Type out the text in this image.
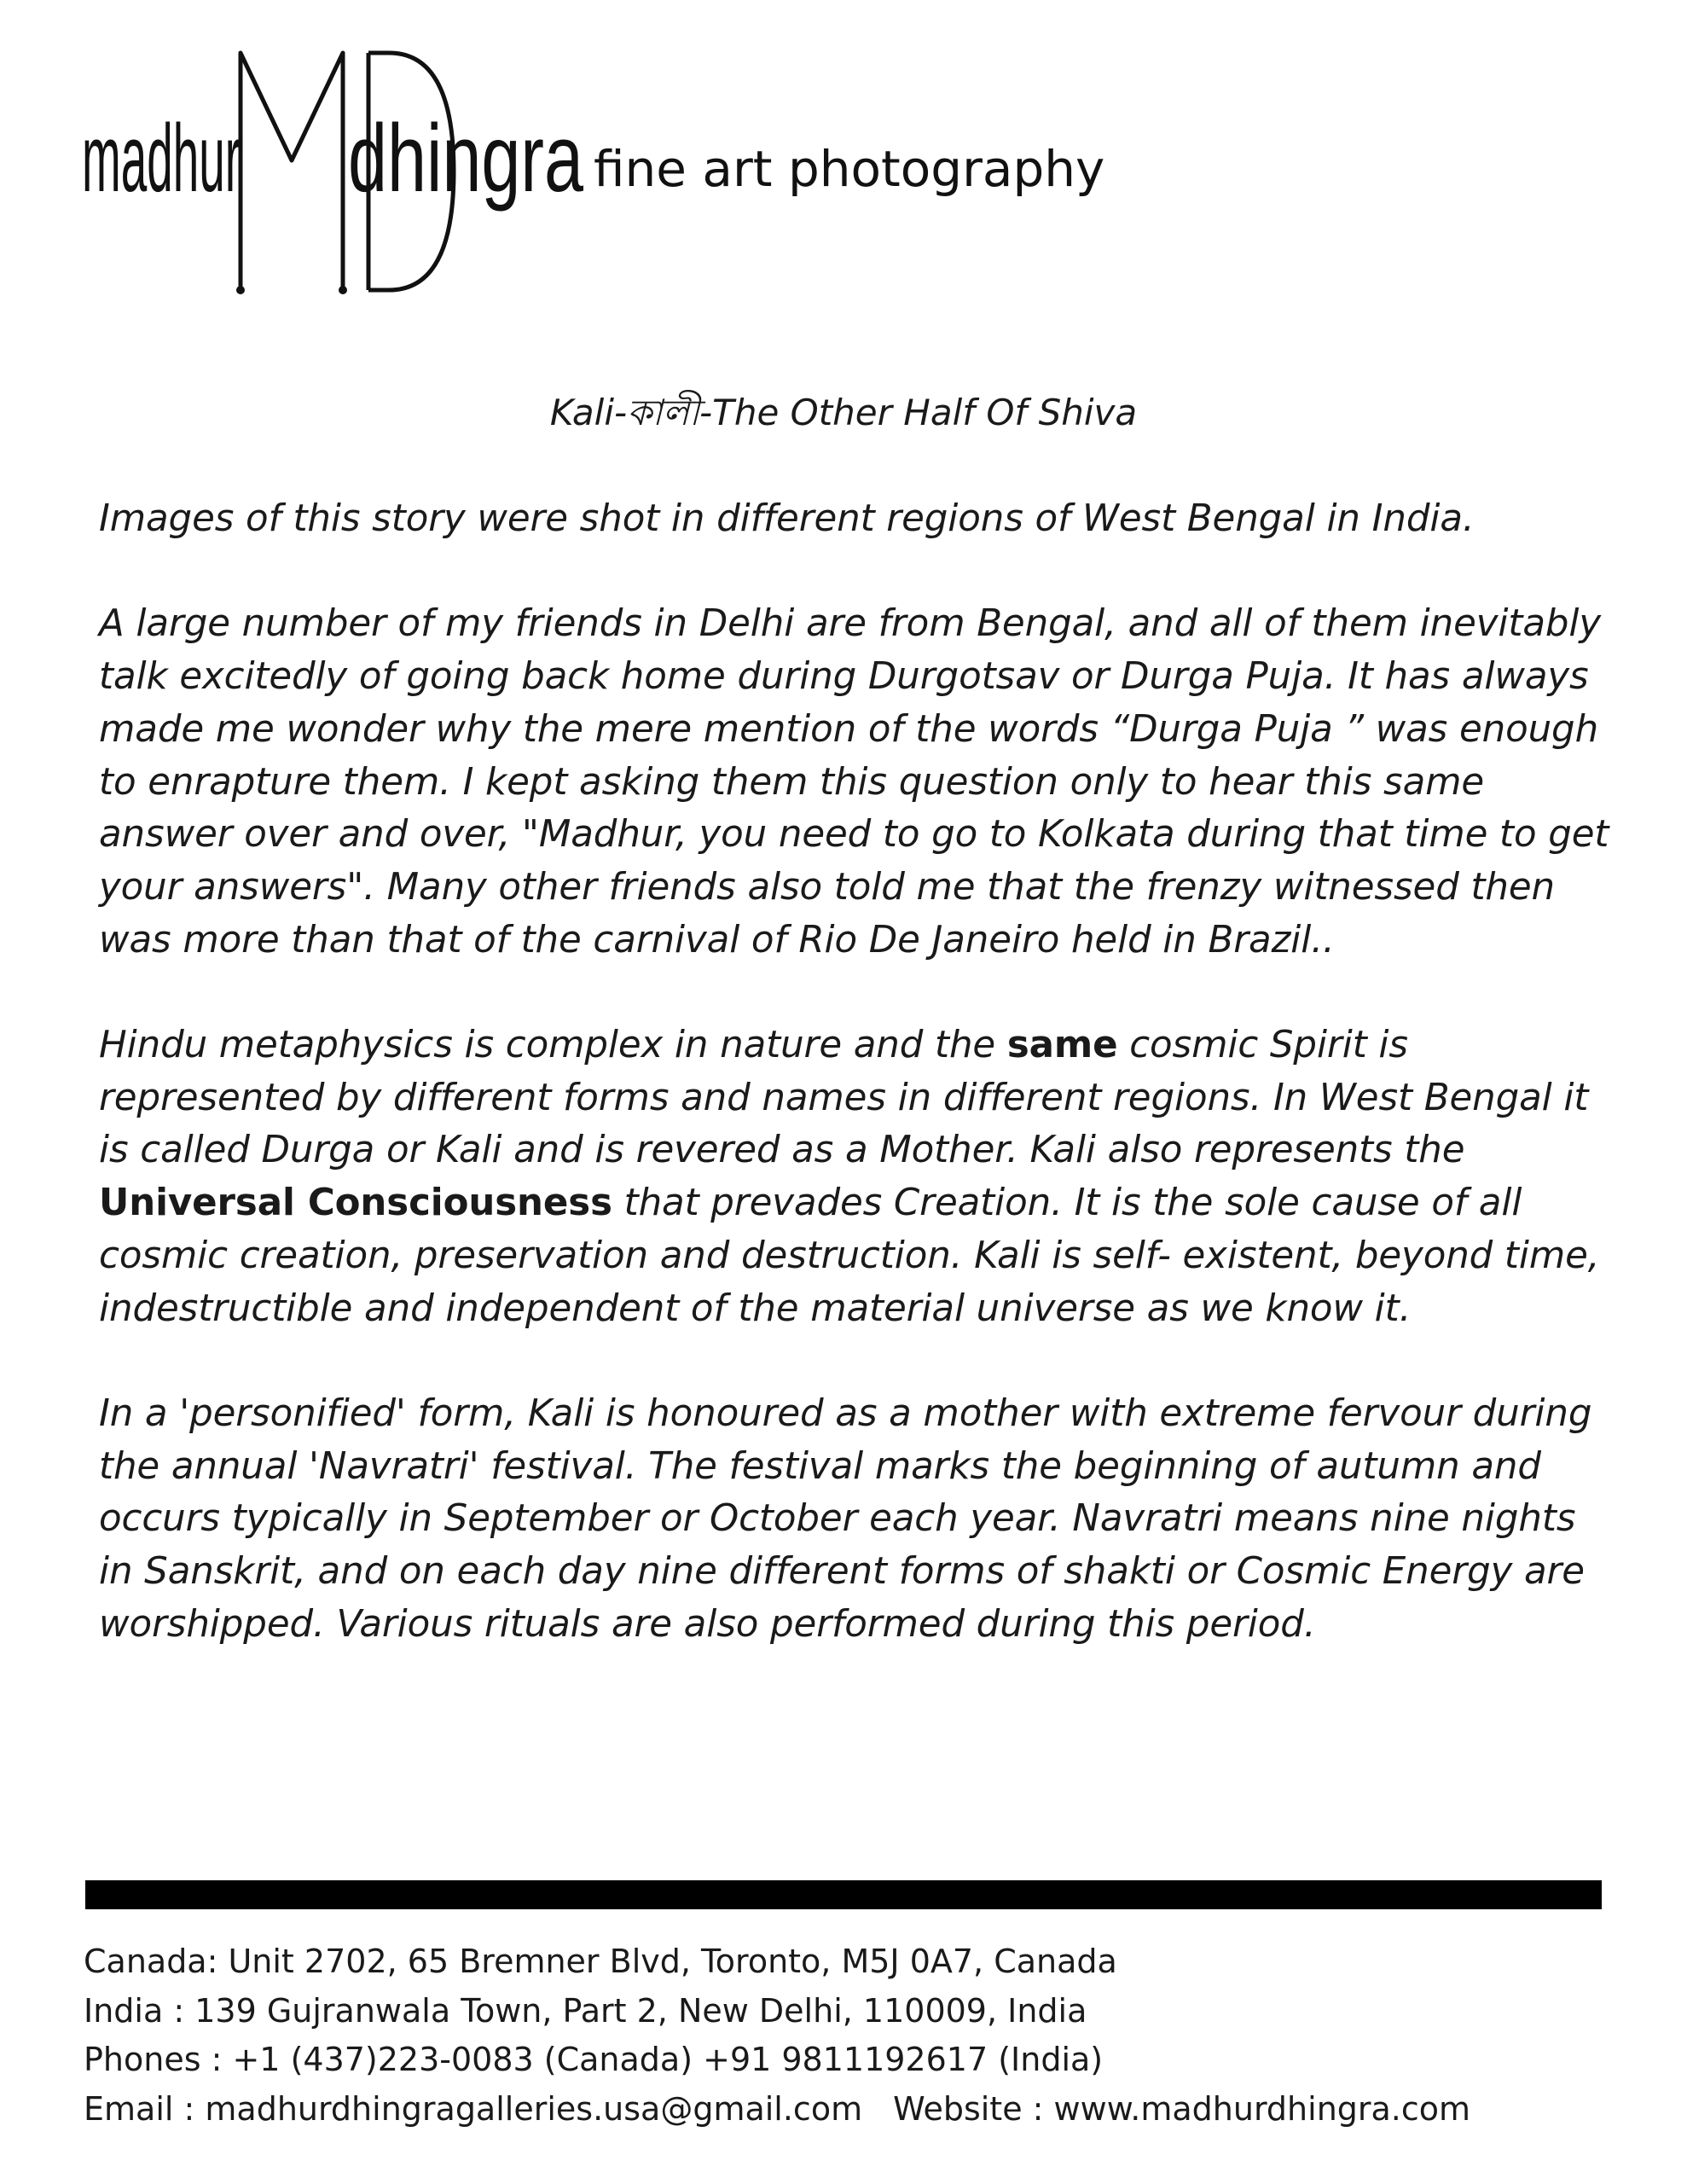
madhur dhingra fine art photography
Kali-কালী-The Other Half Of Shiva

Images of this story were shot in different regions of West Bengal in India.

A large number of my friends in Delhi are from Bengal, and all of them inevitably talk excitedly of going back home during Durgotsav or Durga Puja. It has always made me wonder why the mere mention of the words “Durga Puja ” was enough to enrapture them. I kept asking them this question only to hear this same answer over and over, "Madhur, you need to go to Kolkata during that time to get your answers". Many other friends also told me that the frenzy witnessed then was more than that of the carnival of Rio De Janeiro held in Brazil..

Hindu metaphysics is complex in nature and the same cosmic Spirit is represented by different forms and names in different regions. In West Bengal it is called Durga or Kali and is revered as a Mother. Kali also represents the Universal Consciousness that prevades Creation. It is the sole cause of all cosmic creation, preservation and destruction. Kali is self- existent, beyond time, indestructible and independent of the material universe as we know it.

In a 'personified' form, Kali is honoured as a mother with extreme fervour during the annual 'Navratri' festival. The festival marks the beginning of autumn and occurs typically in September or October each year. Navratri means nine nights in Sanskrit, and on each day nine different forms of shakti or Cosmic Energy are worshipped. Various rituals are also performed during this period.

Canada: Unit 2702, 65 Bremner Blvd, Toronto, M5J 0A7, Canada
India : 139 Gujranwala Town, Part 2, New Delhi, 110009, India
Phones : +1 (437)223-0083 (Canada) +91 9811192617 (India)
Email : madhurdhingragalleries.usa@gmail.com Website : www.madhurdhingra.com
